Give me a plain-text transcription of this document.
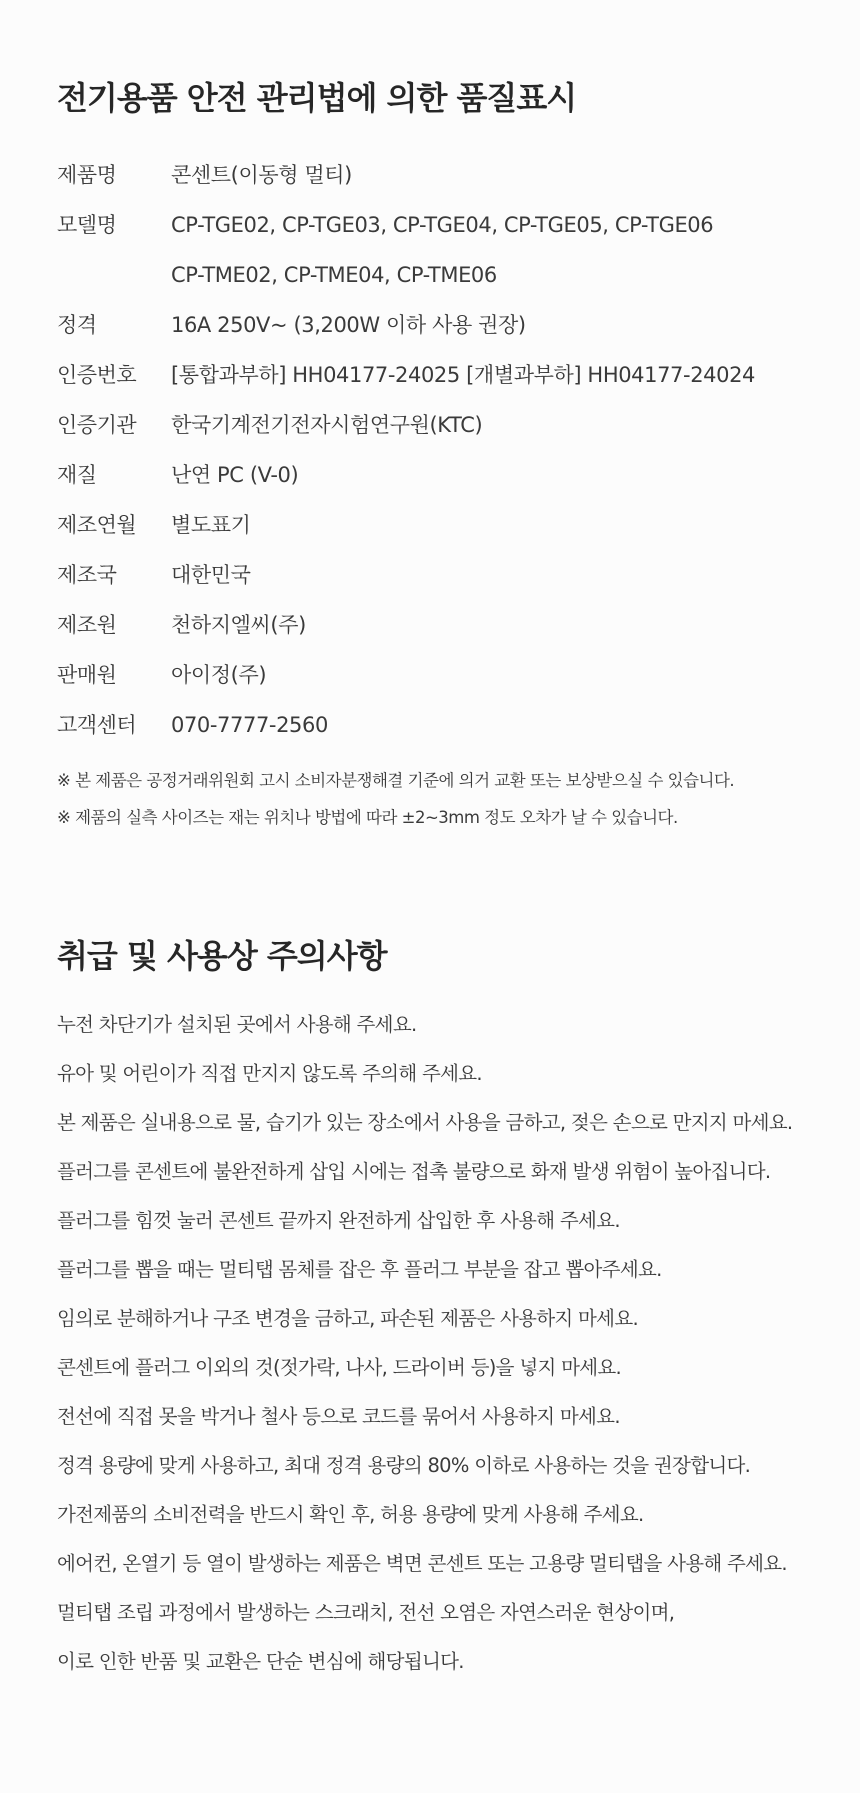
전기용품 안전 관리법에 의한 품질표시
제품명	콘센트(이동형 멀티)
모델명	CP-TGE02, CP-TGE03, CP-TGE04, CP-TGE05, CP-TGE06
CP-TME02, CP-TME04, CP-TME06
정격	16A 250V~ (3,200W 이하 사용 권장)
인증번호	[통합과부하] HH04177-24025 [개별과부하] HH04177-24024
인증기관	한국기계전기전자시험연구원(KTC)
재질	난연 PC (V-0)
제조연월	별도표기
제조국	대한민국
제조원	천하지엘씨(주)
판매원	아이정(주)
고객센터	070-7777-2560

※ 본 제품은 공정거래위원회 고시 소비자분쟁해결 기준에 의거 교환 또는 보상받으실 수 있습니다.

※ 제품의 실측 사이즈는 재는 위치나 방법에 따라 ±2~3mm 정도 오차가 날 수 있습니다.

취급 및 사용상 주의사항

누전 차단기가 설치된 곳에서 사용해 주세요.

유아 및 어린이가 직접 만지지 않도록 주의해 주세요.

본 제품은 실내용으로 물, 습기가 있는 장소에서 사용을 금하고, 젖은 손으로 만지지 마세요.

플러그를 콘센트에 불완전하게 삽입 시에는 접촉 불량으로 화재 발생 위험이 높아집니다.

플러그를 힘껏 눌러 콘센트 끝까지 완전하게 삽입한 후 사용해 주세요.

플러그를 뽑을 때는 멀티탭 몸체를 잡은 후 플러그 부분을 잡고 뽑아주세요.

임의로 분해하거나 구조 변경을 금하고, 파손된 제품은 사용하지 마세요.

콘센트에 플러그 이외의 것(젓가락, 나사, 드라이버 등)을 넣지 마세요.

전선에 직접 못을 박거나 철사 등으로 코드를 묶어서 사용하지 마세요.

정격 용량에 맞게 사용하고, 최대 정격 용량의 80% 이하로 사용하는 것을 권장합니다.

가전제품의 소비전력을 반드시 확인 후, 허용 용량에 맞게 사용해 주세요.

에어컨, 온열기 등 열이 발생하는 제품은 벽면 콘센트 또는 고용량 멀티탭을 사용해 주세요.

멀티탭 조립 과정에서 발생하는 스크래치, 전선 오염은 자연스러운 현상이며,

이로 인한 반품 및 교환은 단순 변심에 해당됩니다.
